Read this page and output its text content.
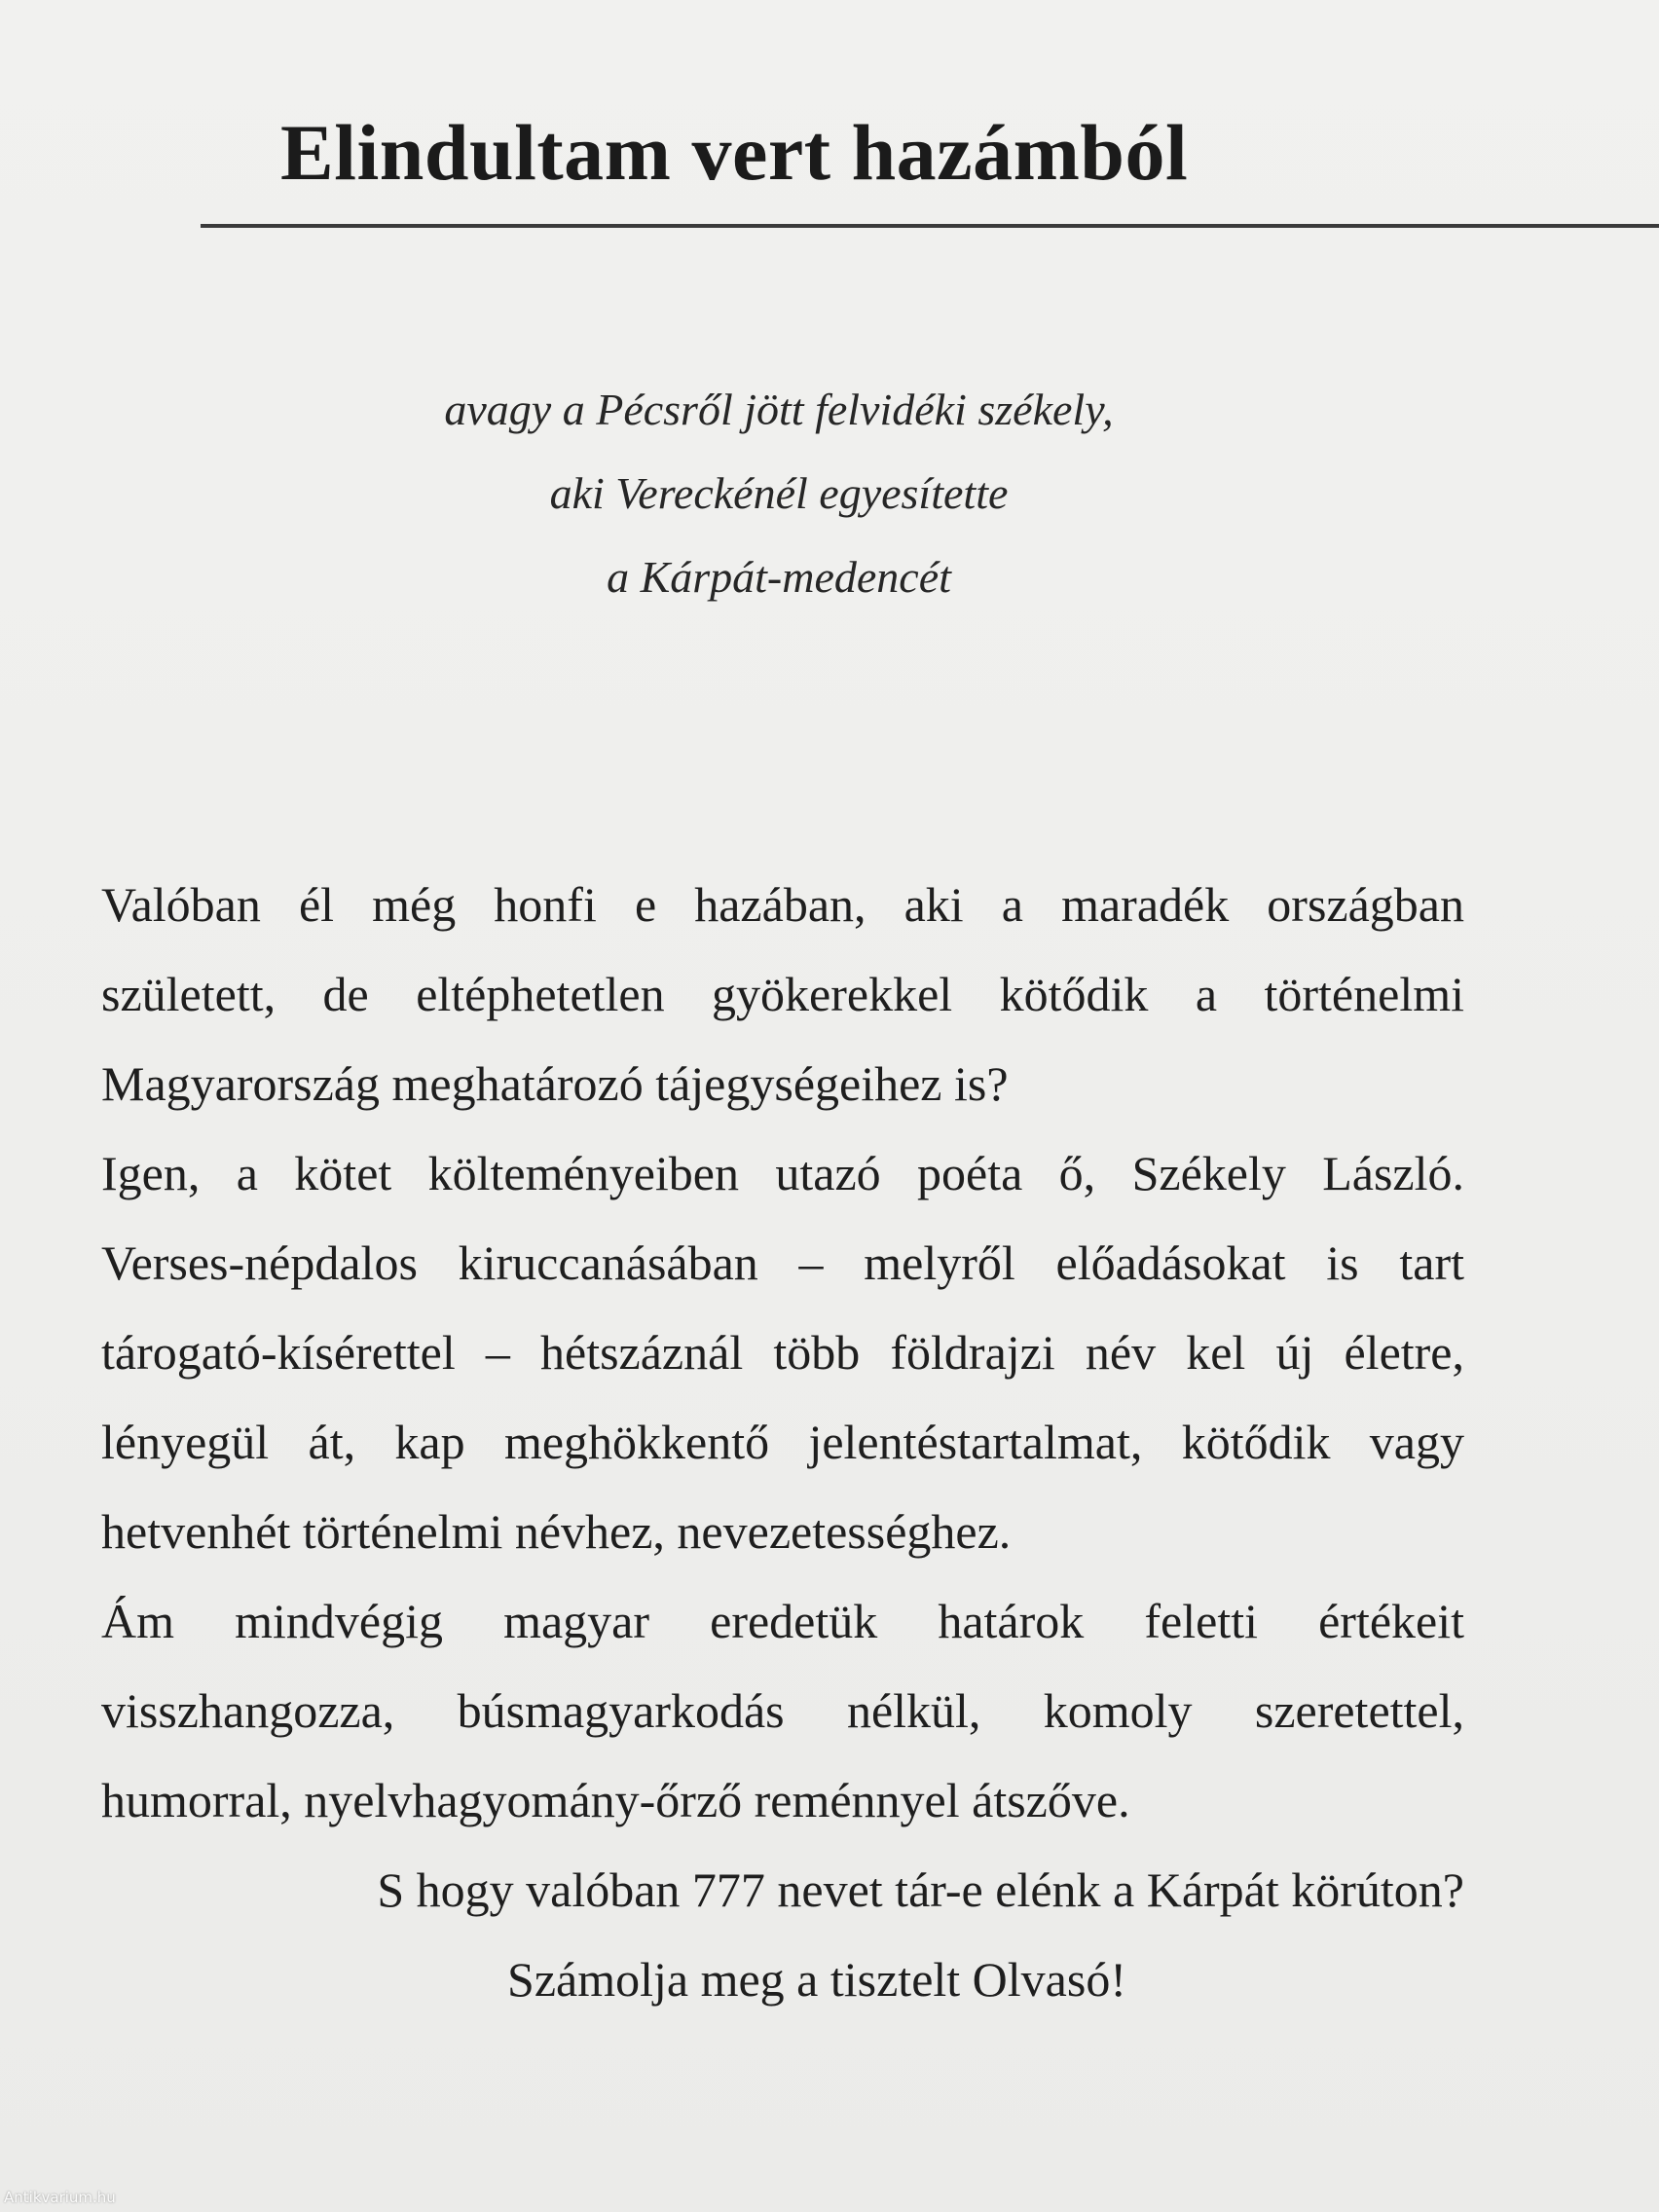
Elindultam vert hazámból
avagy a Pécsről jött felvidéki székely,
aki Vereckénél egyesítette
a Kárpát-medencét
Valóban él még honfi e hazában, aki a maradék országban
született, de eltéphetetlen gyökerekkel kötődik a történelmi
Magyarország meghatározó tájegységeihez is?
Igen, a kötet költeményeiben utazó poéta ő, Székely László.
Verses-népdalos kiruccanásában – melyről előadásokat is tart
tárogató-kísérettel – hétszáznál több földrajzi név kel új életre,
lényegül át, kap meghökkentő jelentéstartalmat, kötődik vagy
hetvenhét történelmi névhez, nevezetességhez.
Ám mindvégig magyar eredetük határok feletti értékeit
visszhangozza, búsmagyarkodás nélkül, komoly szeretettel,
humorral, nyelvhagyomány-őrző reménnyel átszőve.
S hogy valóban 777 nevet tár-e elénk a Kárpát körúton?
Számolja meg a tisztelt Olvasó!
Antikvarium.hu
